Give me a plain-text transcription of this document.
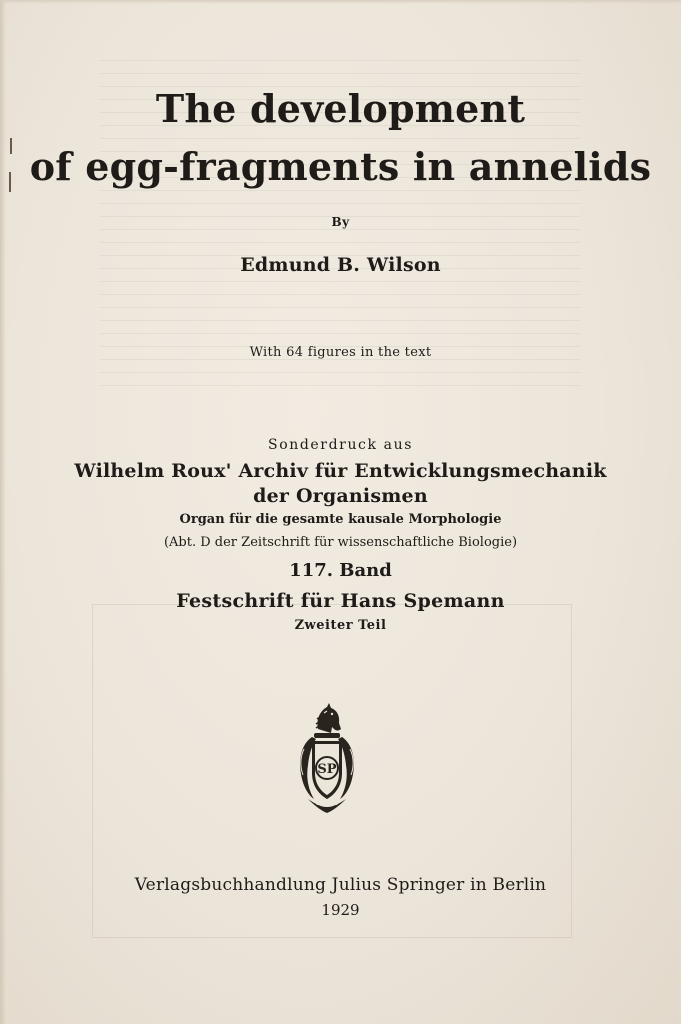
The development
of egg-fragments in annelids
By
Edmund B. Wilson
With 64 figures in the text
Sonderdruck aus
Wilhelm Roux' Archiv für Entwicklungsmechanik
der Organismen
Organ für die gesamte kausale Morphologie
(Abt. D der Zeitschrift für wissenschaftliche Biologie)
117. Band
Festschrift für Hans Spemann
Zweiter Teil
SP
Verlagsbuchhandlung Julius Springer in Berlin
1929
